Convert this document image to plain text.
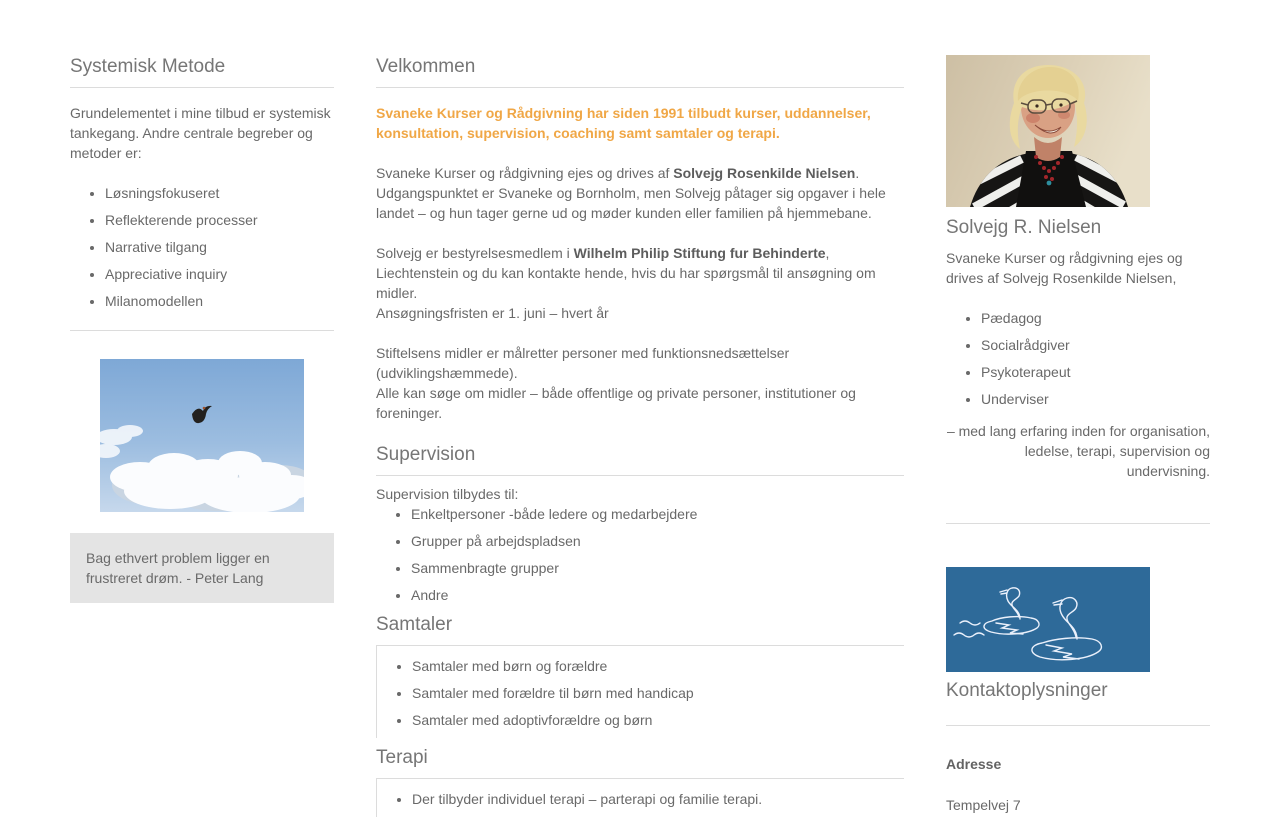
Systemisk Metode

Grundelementet i mine tilbud er systemisk tankegang. Andre centrale begreber og metoder er:

• Løsningsfokuseret
• Reflekterende processer
• Narrative tilgang
• Appreciative inquiry
• Milanomodellen

Bag ethvert problem ligger en frustreret drøm. - Peter Lang

Velkommen

Svaneke Kurser og Rådgivning har siden 1991 tilbudt kurser, uddannelser, konsultation, supervision, coaching samt samtaler og terapi.

Svaneke Kurser og rådgivning ejes og drives af Solvejg Rosenkilde Nielsen. Udgangspunktet er Svaneke og Bornholm, men Solvejg påtager sig opgaver i hele landet – og hun tager gerne ud og møder kunden eller familien på hjemmebane.

Solvejg er bestyrelsesmedlem i Wilhelm Philip Stiftung fur Behinderte, Liechtenstein og du kan kontakte hende, hvis du har spørgsmål til ansøgning om midler.
Ansøgningsfristen er 1. juni – hvert år

Stiftelsens midler er målretter personer med funktionsnedsættelser (udviklingshæmmede).
Alle kan søge om midler – både offentlige og private personer, institutioner og foreninger.

Supervision

Supervision tilbydes til:

• Enkeltpersoner -både ledere og medarbejdere
• Grupper på arbejdspladsen
• Sammenbragte grupper
• Andre
Samtaler
• Samtaler med børn og forældre
• Samtaler med forældre til børn med handicap
• Samtaler med adoptivforældre og børn
Terapi
• Der tilbyder individuel terapi – parterapi og familie terapi.
Solvejg R. Nielsen

Svaneke Kurser og rådgivning ejes og drives af Solvejg Rosenkilde Nielsen,

• Pædagog
• Socialrådgiver
• Psykoterapeut
• Underviser

– med lang erfaring inden for organisation, ledelse, terapi, supervision og undervisning.

Kontaktoplysninger

Adresse

Tempelvej 7
